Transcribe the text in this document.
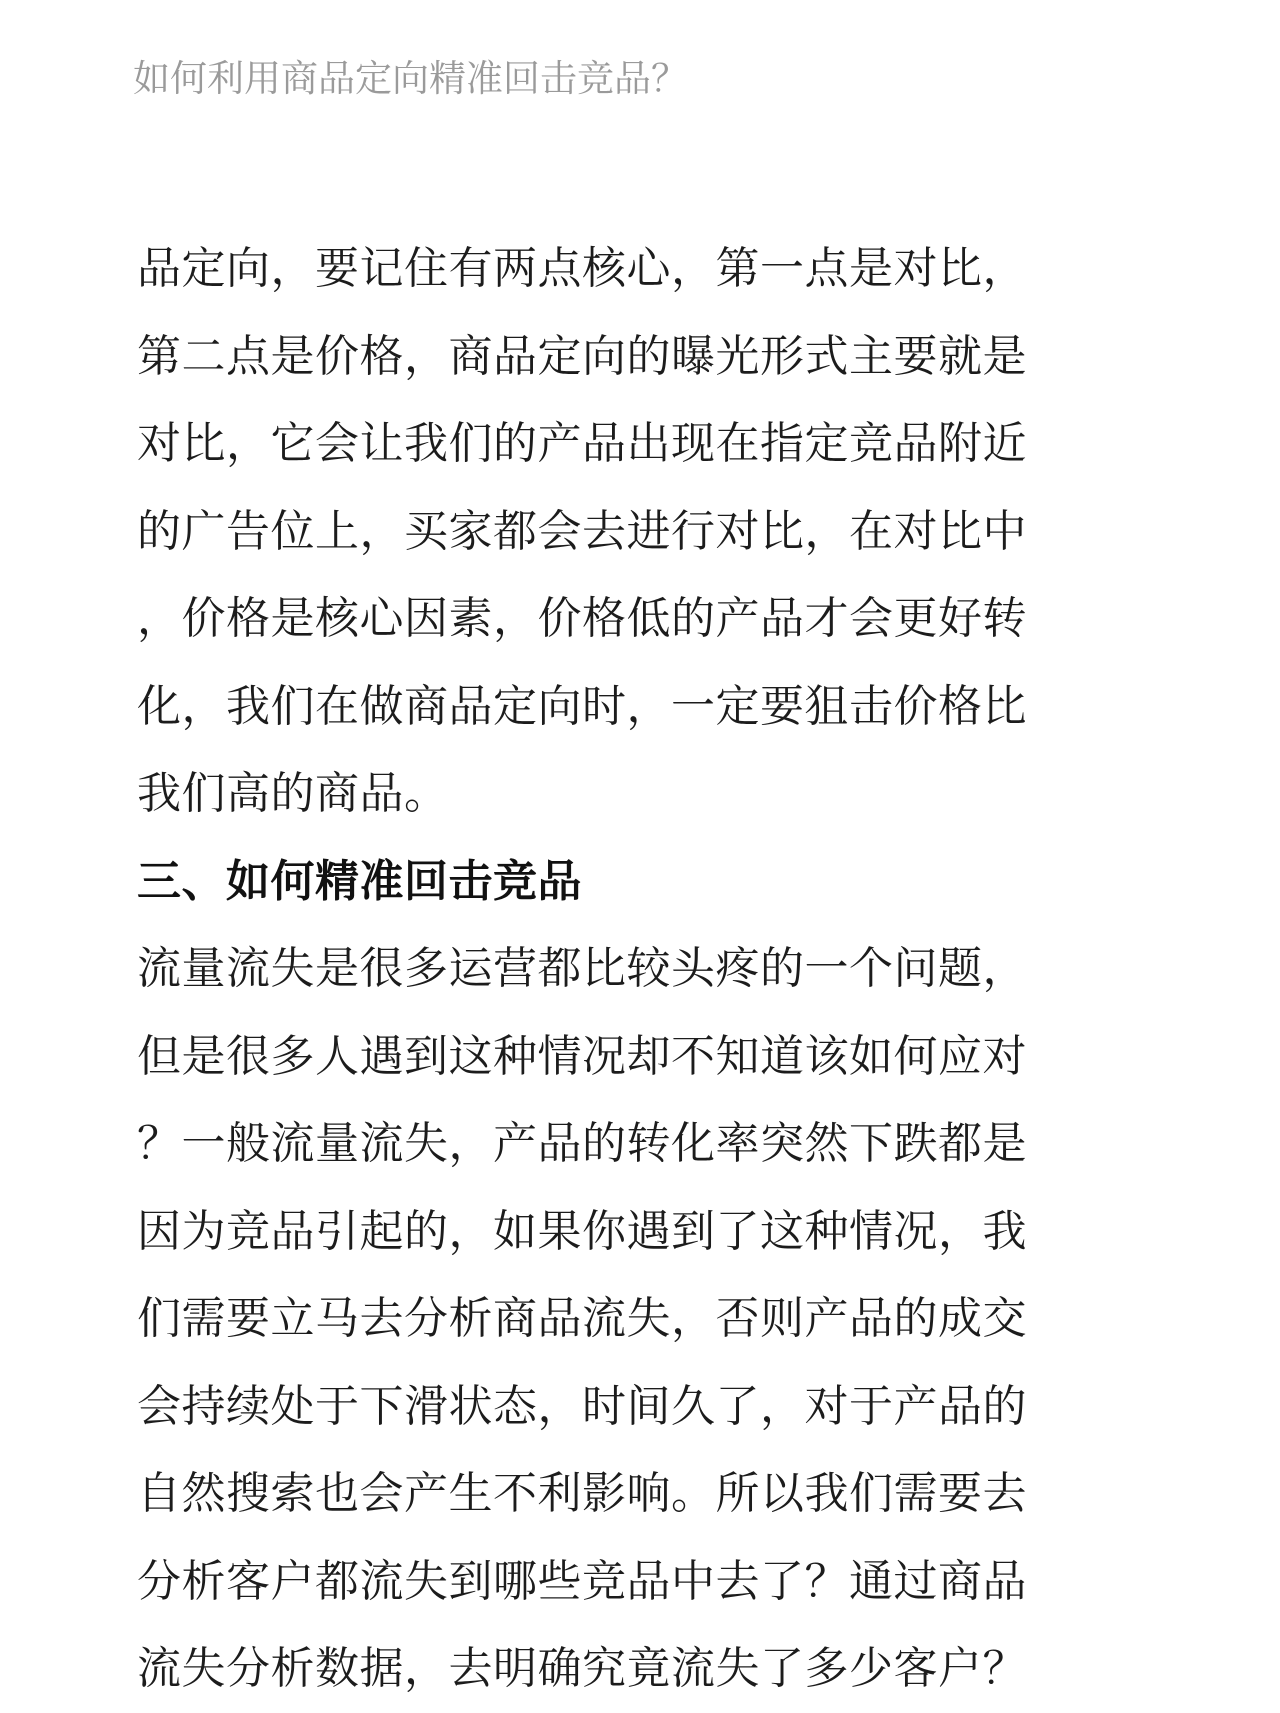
如何利用商品定向精准回击竞品？
品定向，要记住有两点核心，第一点是对比，
第二点是价格，商品定向的曝光形式主要就是
对比，它会让我们的产品出现在指定竞品附近
的广告位上，买家都会去进行对比，在对比中
，价格是核心因素，价格低的产品才会更好转
化，我们在做商品定向时，一定要狙击价格比
我们高的商品。
三、如何精准回击竞品
流量流失是很多运营都比较头疼的一个问题，
但是很多人遇到这种情况却不知道该如何应对
？一般流量流失，产品的转化率突然下跌都是
因为竞品引起的，如果你遇到了这种情况，我
们需要立马去分析商品流失，否则产品的成交
会持续处于下滑状态，时间久了，对于产品的
自然搜索也会产生不利影响。所以我们需要去
分析客户都流失到哪些竞品中去了？通过商品
流失分析数据，去明确究竟流失了多少客户？
